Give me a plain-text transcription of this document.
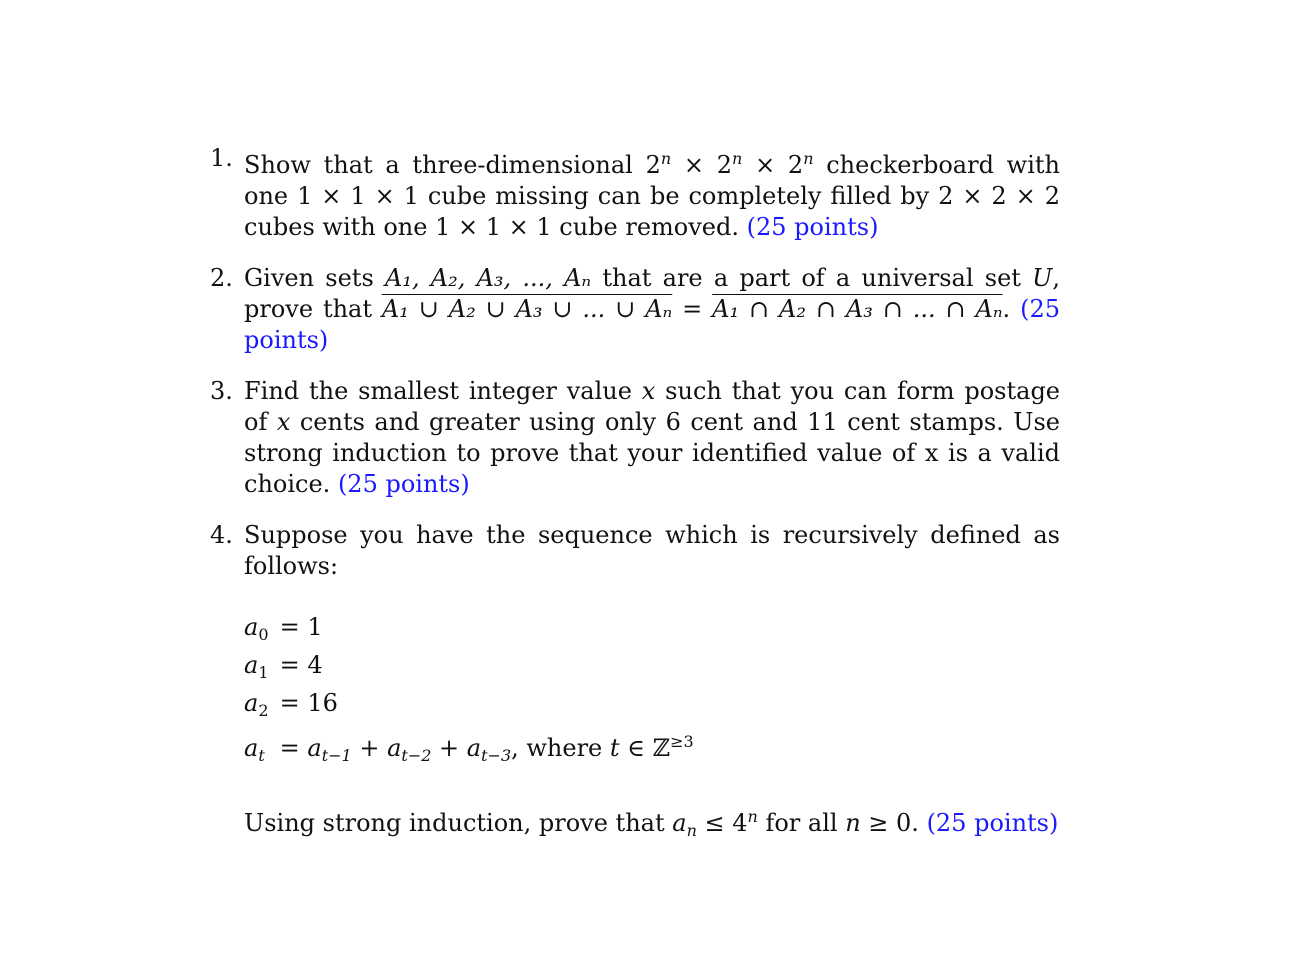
1. Show that a three-dimensional $2^n \times 2^n \times 2^n$ checkerboard with one 1 × 1 × 1 cube missing can be completely filled by 2 × 2 × 2 cubes with one 1 × 1 × 1 cube removed. (25 points)
2. Given sets A₁, A₂, A₃, ..., Aₙ that are a part of a universal set U, prove that A₁ ∪ A₂ ∪ A₃ ∪ ... ∪ Aₙ = A₁ ∩ A₂ ∩ A₃ ∩ ... ∩ Aₙ. (25 points)
3. Find the smallest integer value x such that you can form postage of x cents and greater using only 6 cent and 11 cent stamps. Use strong induction to prove that your identified value of x is a valid choice. (25 points)
4. Suppose you have the sequence which is recursively defined as follows:
$a_0 = 1$
$a_1 = 4$
$a_2 = 16$
$a_t = a_{t-1} + a_{t-2} + a_{t-3}$, where t ∈ ℤ$^{\ge 3}$
Using strong induction, prove that $a_n \le 4^n$ for all n ≥ 0. (25 points)
